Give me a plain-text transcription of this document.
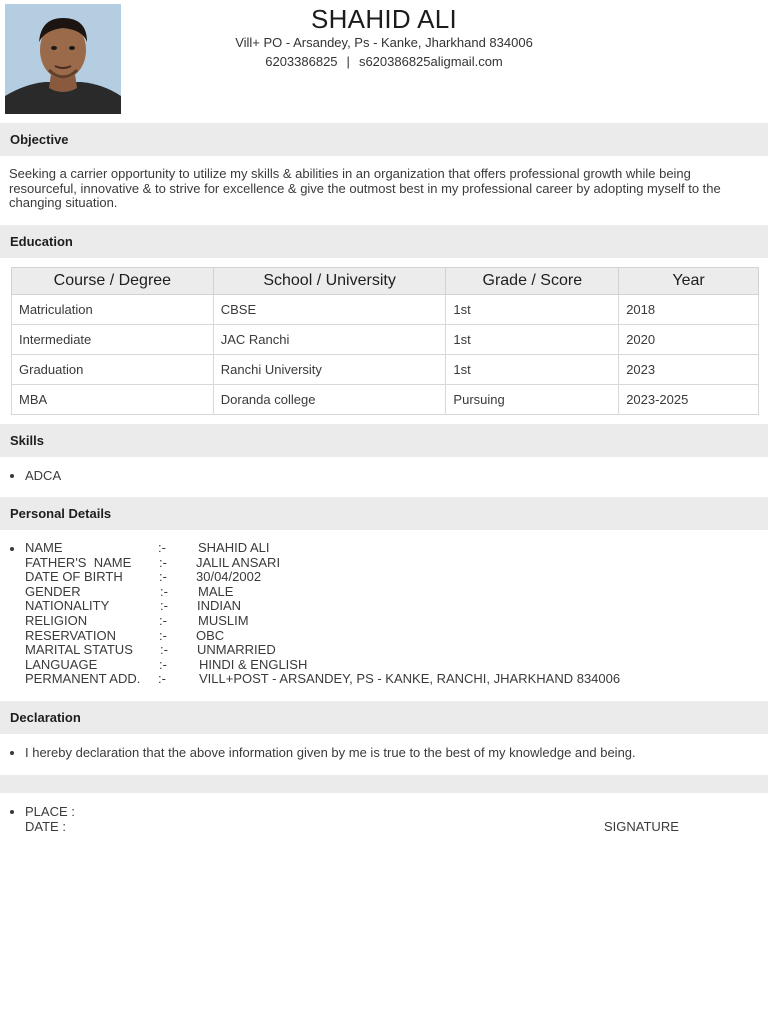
SHAHID ALI
Vill+ PO - Arsandey, Ps - Kanke, Jharkhand 834006
6203386825 | s620386825aligmail.com
Objective
Seeking a carrier opportunity to utilize my skills & abilities in an organization that offers professional growth while being resourceful, innovative & to strive for excellence & give the outmost best in my professional career by adopting myself to the changing situation.
Education
Course / Degree	School / University	Grade / Score	Year
Matriculation	CBSE	1st	2018
Intermediate	JAC Ranchi	1st	2020
Graduation	Ranchi University	1st	2023
MBA	Doranda college	Pursuing	2023-2025
Skills
• ADCA
Personal Details
NAME	:- SHAHID ALI
FATHER'S  NAME :- JALIL ANSARI
DATE OF BIRTH	:- 30/04/2002
GENDER	:- MALE
NATIONALITY	:- INDIAN
RELIGION	:- MUSLIM
RESERVATION	:- OBC
MARITAL STATUS :- UNMARRIED
LANGUAGE	:- HINDI & ENGLISH
PERMANENT ADD. :-	VILL+POST - ARSANDEY, PS - KANKE, RANCHI, JHARKHAND 834006
Declaration
• I hereby declaration that the above information given by me is true to the best of my knowledge and being.
PLACE :
DATE :	SIGNATURE
